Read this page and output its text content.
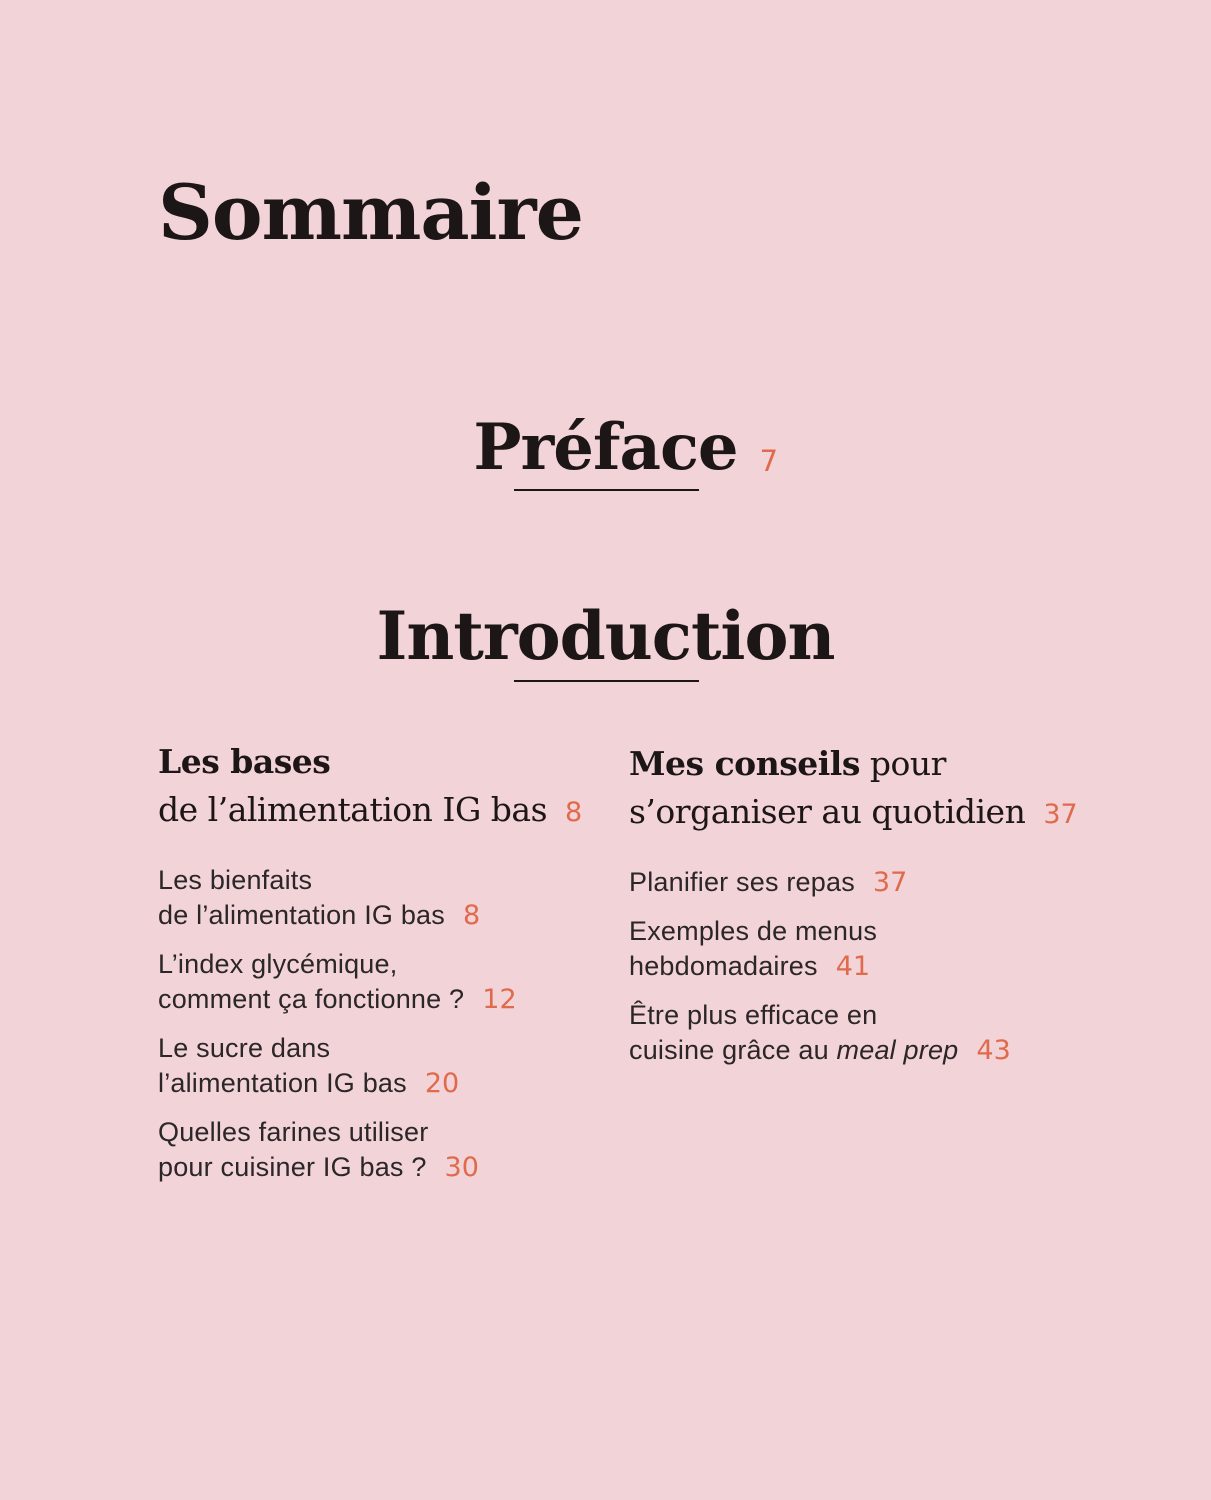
Sommaire
Préface 7
Introduction
Les bases
de l’alimentation IG bas 8
Les bienfaits
de l’alimentation IG bas 8
L’index glycémique,
comment ça fonctionne ? 12
Le sucre dans
l’alimentation IG bas 20
Quelles farines utiliser
pour cuisiner IG bas ? 30
Mes conseils pour
s’organiser au quotidien 37
Planifier ses repas 37
Exemples de menus
hebdomadaires 41
Être plus efficace en
cuisine grâce au meal prep 43
